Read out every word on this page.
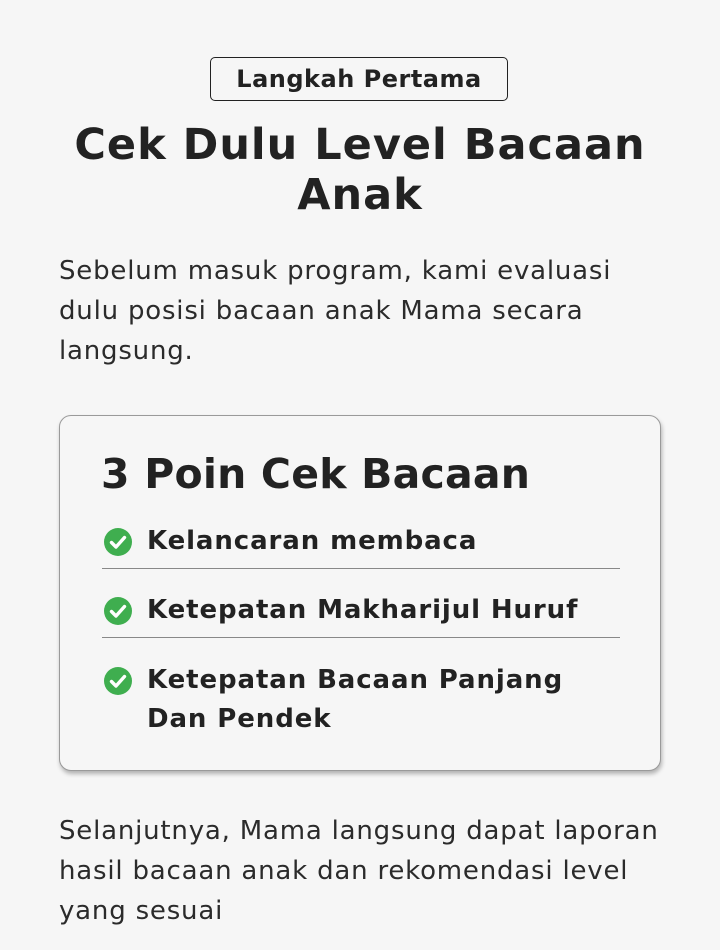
Langkah Pertama
Cek Dulu Level Bacaan Anak

Sebelum masuk program, kami evaluasi dulu posisi bacaan anak Mama secara langsung.

3 Poin Cek Bacaan
Kelancaran membaca
Ketepatan Makharijul Huruf
Ketepatan Bacaan Panjang Dan Pendek

Selanjutnya, Mama langsung dapat laporan hasil bacaan anak dan rekomendasi level yang sesuai
